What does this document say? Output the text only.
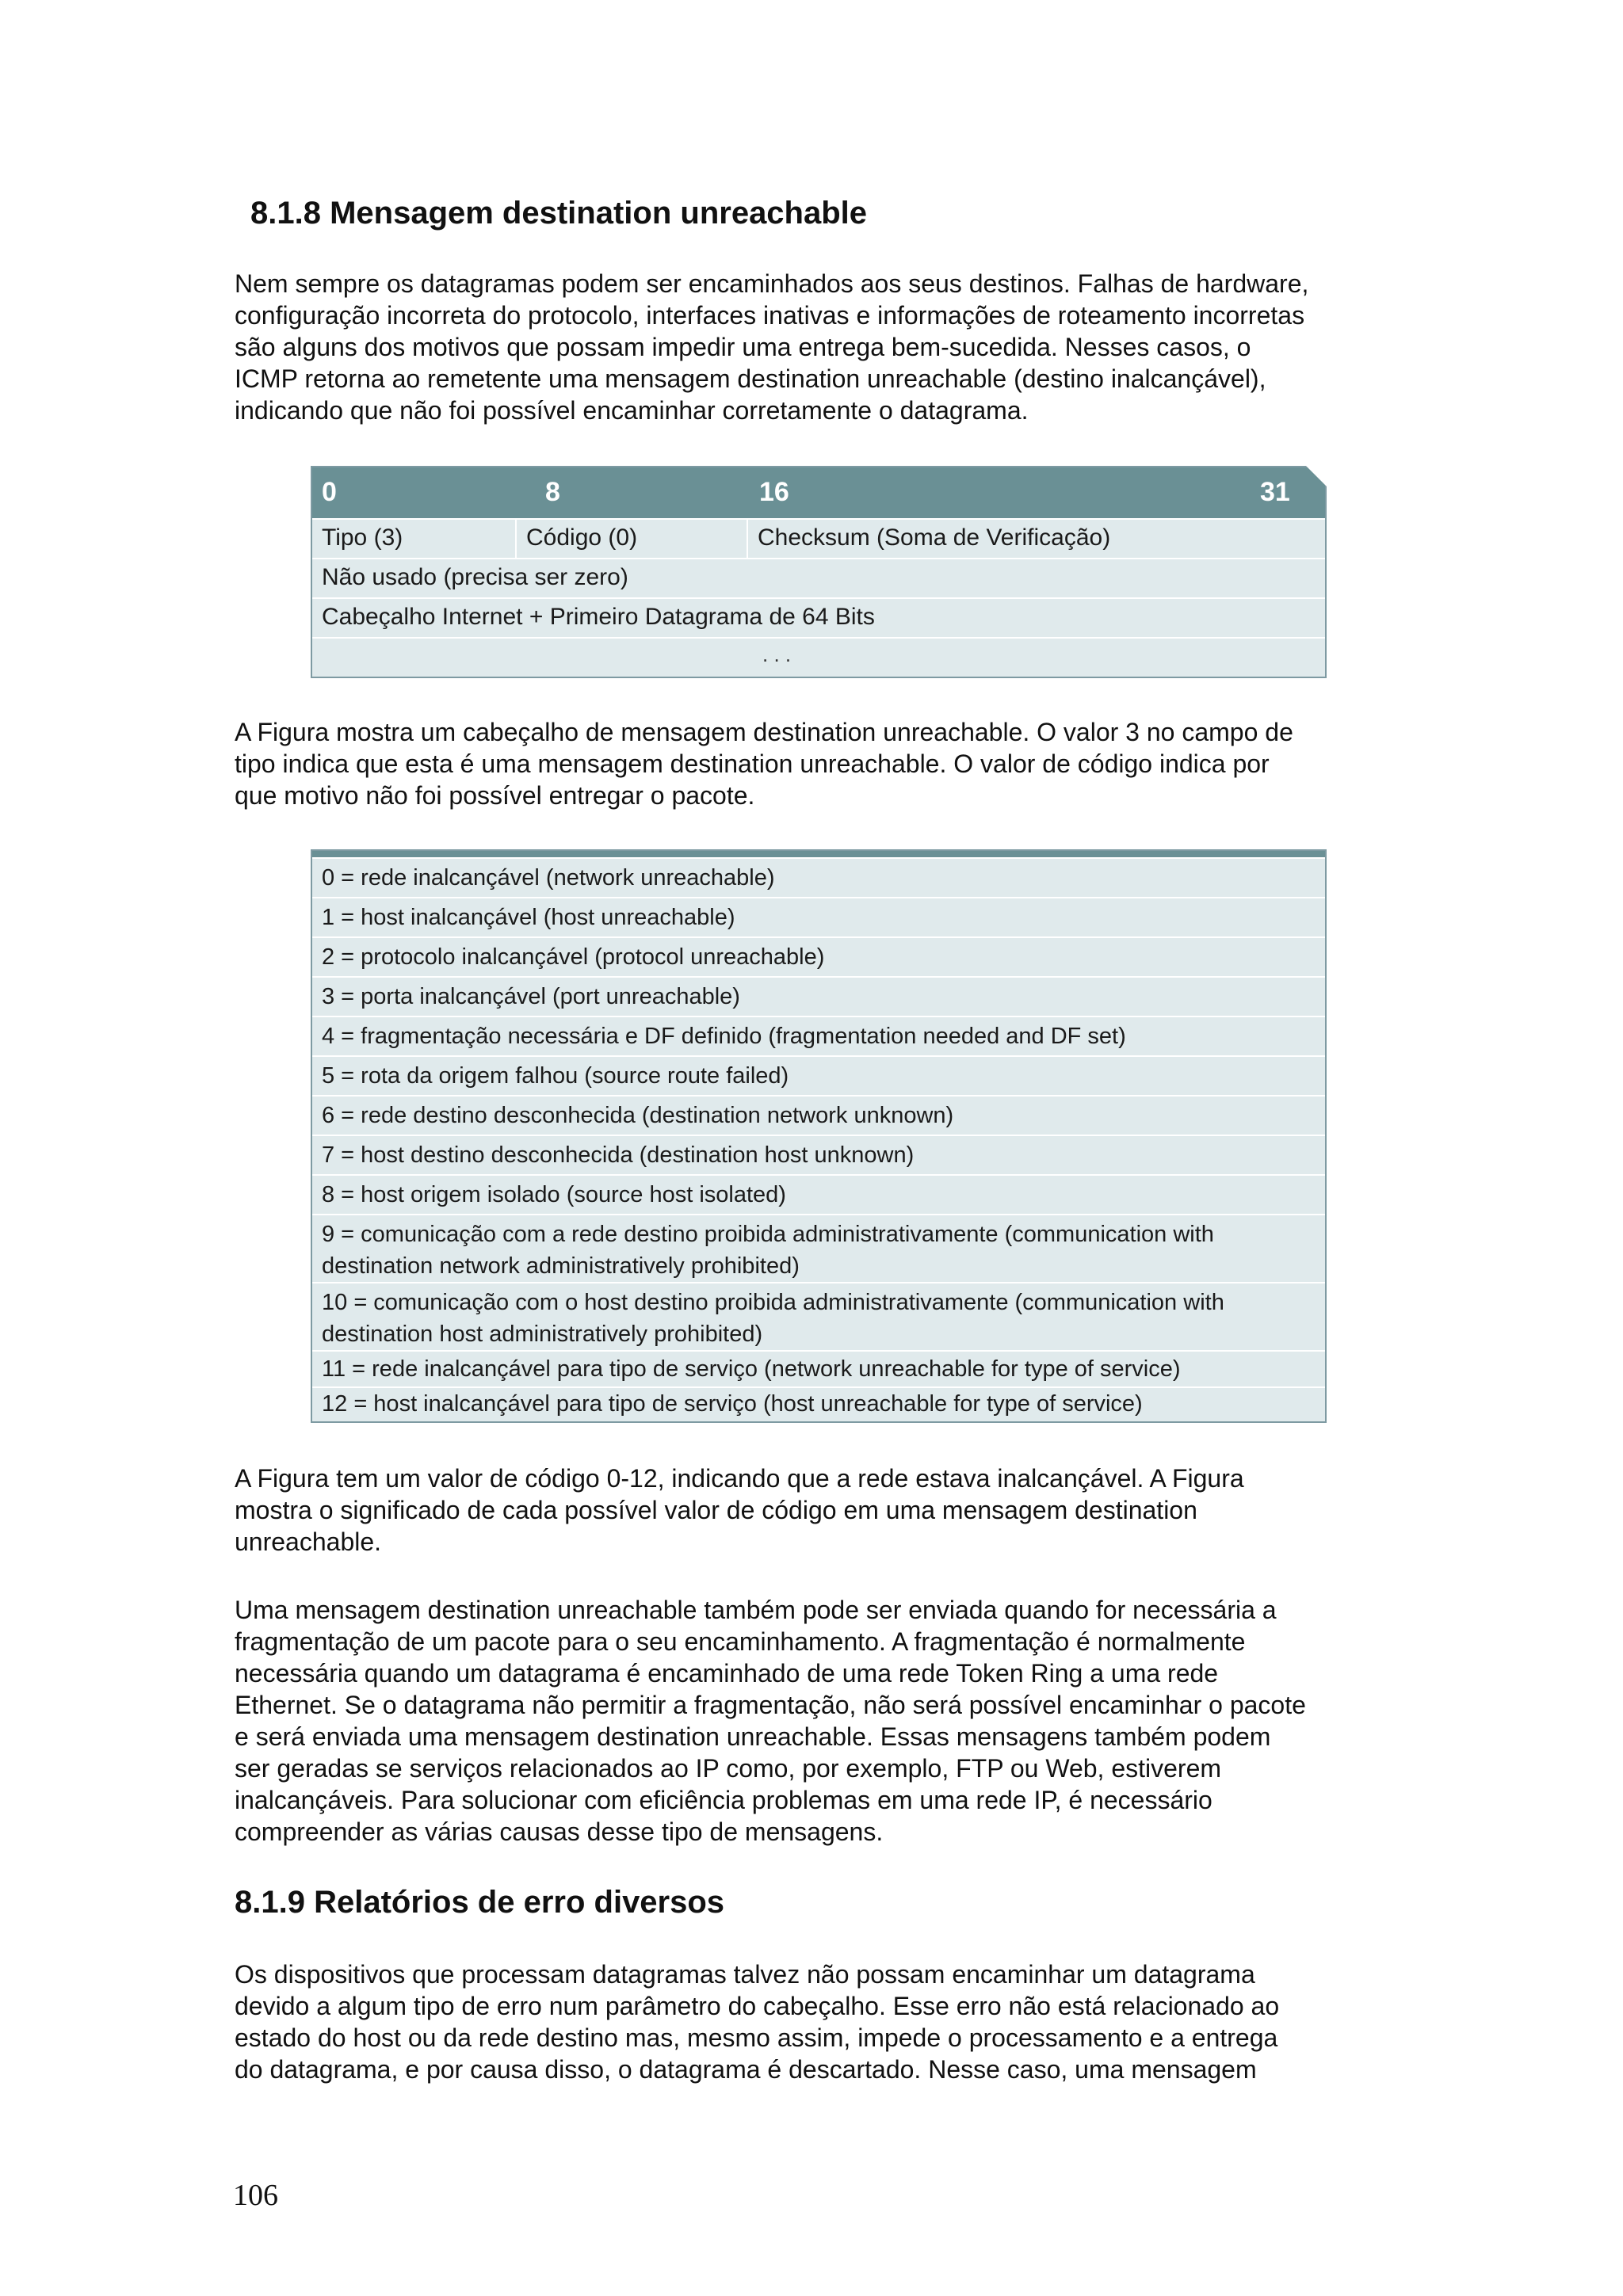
8.1.8 Mensagem destination unreachable

Nem sempre os datagramas podem ser encaminhados aos seus destinos. Falhas de hardware,
configuração incorreta do protocolo, interfaces inativas e informações de roteamento incorretas
são alguns dos motivos que possam impedir uma entrega bem-sucedida. Nesses casos, o
ICMP retorna ao remetente uma mensagem destination unreachable (destino inalcançável),
indicando que não foi possível encaminhar corretamente o datagrama.

0	8	16	31
Tipo (3)	Código (0)	Checksum (Soma de Verificação)
Não usado (precisa ser zero)
Cabeçalho Internet + Primeiro Datagrama de 64 Bits
. . .

A Figura mostra um cabeçalho de mensagem destination unreachable. O valor 3 no campo de
tipo indica que esta é uma mensagem destination unreachable. O valor de código indica por
que motivo não foi possível entregar o pacote.

0 = rede inalcançável (network unreachable)
1 = host inalcançável (host unreachable)
2 = protocolo inalcançável (protocol unreachable)
3 = porta inalcançável (port unreachable)
4 = fragmentação necessária e DF definido (fragmentation needed and DF set)
5 = rota da origem falhou (source route failed)
6 = rede destino desconhecida (destination network unknown)
7 = host destino desconhecida (destination host unknown)
8 = host origem isolado (source host isolated)
9 = comunicação com a rede destino proibida administrativamente (communication with
destination network administratively prohibited)
10 = comunicação com o host destino proibida administrativamente (communication with
destination host administratively prohibited)
11 = rede inalcançável para tipo de serviço (network unreachable for type of service)
12 = host inalcançável para tipo de serviço (host unreachable for type of service)

A Figura tem um valor de código 0-12, indicando que a rede estava inalcançável. A Figura
mostra o significado de cada possível valor de código em uma mensagem destination
unreachable.

Uma mensagem destination unreachable também pode ser enviada quando for necessária a
fragmentação de um pacote para o seu encaminhamento. A fragmentação é normalmente
necessária quando um datagrama é encaminhado de uma rede Token Ring a uma rede
Ethernet. Se o datagrama não permitir a fragmentação, não será possível encaminhar o pacote
e será enviada uma mensagem destination unreachable. Essas mensagens também podem
ser geradas se serviços relacionados ao IP como, por exemplo, FTP ou Web, estiverem
inalcançáveis. Para solucionar com eficiência problemas em uma rede IP, é necessário
compreender as várias causas desse tipo de mensagens.

8.1.9 Relatórios de erro diversos

Os dispositivos que processam datagramas talvez não possam encaminhar um datagrama
devido a algum tipo de erro num parâmetro do cabeçalho. Esse erro não está relacionado ao
estado do host ou da rede destino mas, mesmo assim, impede o processamento e a entrega
do datagrama, e por causa disso, o datagrama é descartado. Nesse caso, uma mensagem

106
